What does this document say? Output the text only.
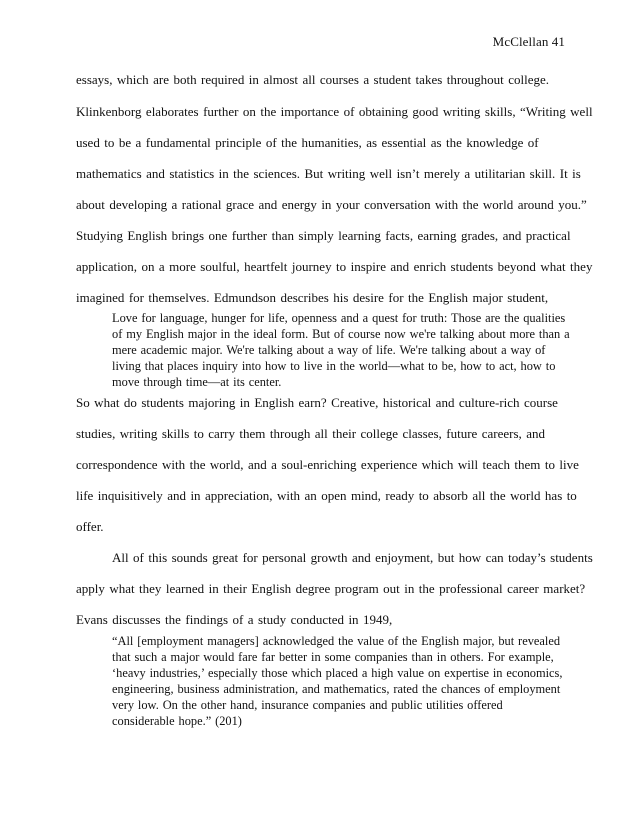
McClellan 41
essays, which are both required in almost all courses a student takes throughout college.
Klinkenborg elaborates further on the importance of obtaining good writing skills, “Writing well
used to be a fundamental principle of the humanities, as essential as the knowledge of
mathematics and statistics in the sciences. But writing well isn’t merely a utilitarian skill. It is
about developing a rational grace and energy in your conversation with the world around you.”
Studying English brings one further than simply learning facts, earning grades, and practical
application, on a more soulful, heartfelt journey to inspire and enrich students beyond what they
imagined for themselves. Edmundson describes his desire for the English major student,
Love for language, hunger for life, openness and a quest for truth: Those are the qualities
of my English major in the ideal form. But of course now we're talking about more than a
mere academic major. We're talking about a way of life. We're talking about a way of
living that places inquiry into how to live in the world—what to be, how to act, how to
move through time—at its center.
So what do students majoring in English earn? Creative, historical and culture-rich course
studies, writing skills to carry them through all their college classes, future careers, and
correspondence with the world, and a soul-enriching experience which will teach them to live
life inquisitively and in appreciation, with an open mind, ready to absorb all the world has to
offer.
All of this sounds great for personal growth and enjoyment, but how can today’s students
apply what they learned in their English degree program out in the professional career market?
Evans discusses the findings of a study conducted in 1949,
“All [employment managers] acknowledged the value of the English major, but revealed
that such a major would fare far better in some companies than in others. For example,
‘heavy industries,’ especially those which placed a high value on expertise in economics,
engineering, business administration, and mathematics, rated the chances of employment
very low. On the other hand, insurance companies and public utilities offered
considerable hope.” (201)
